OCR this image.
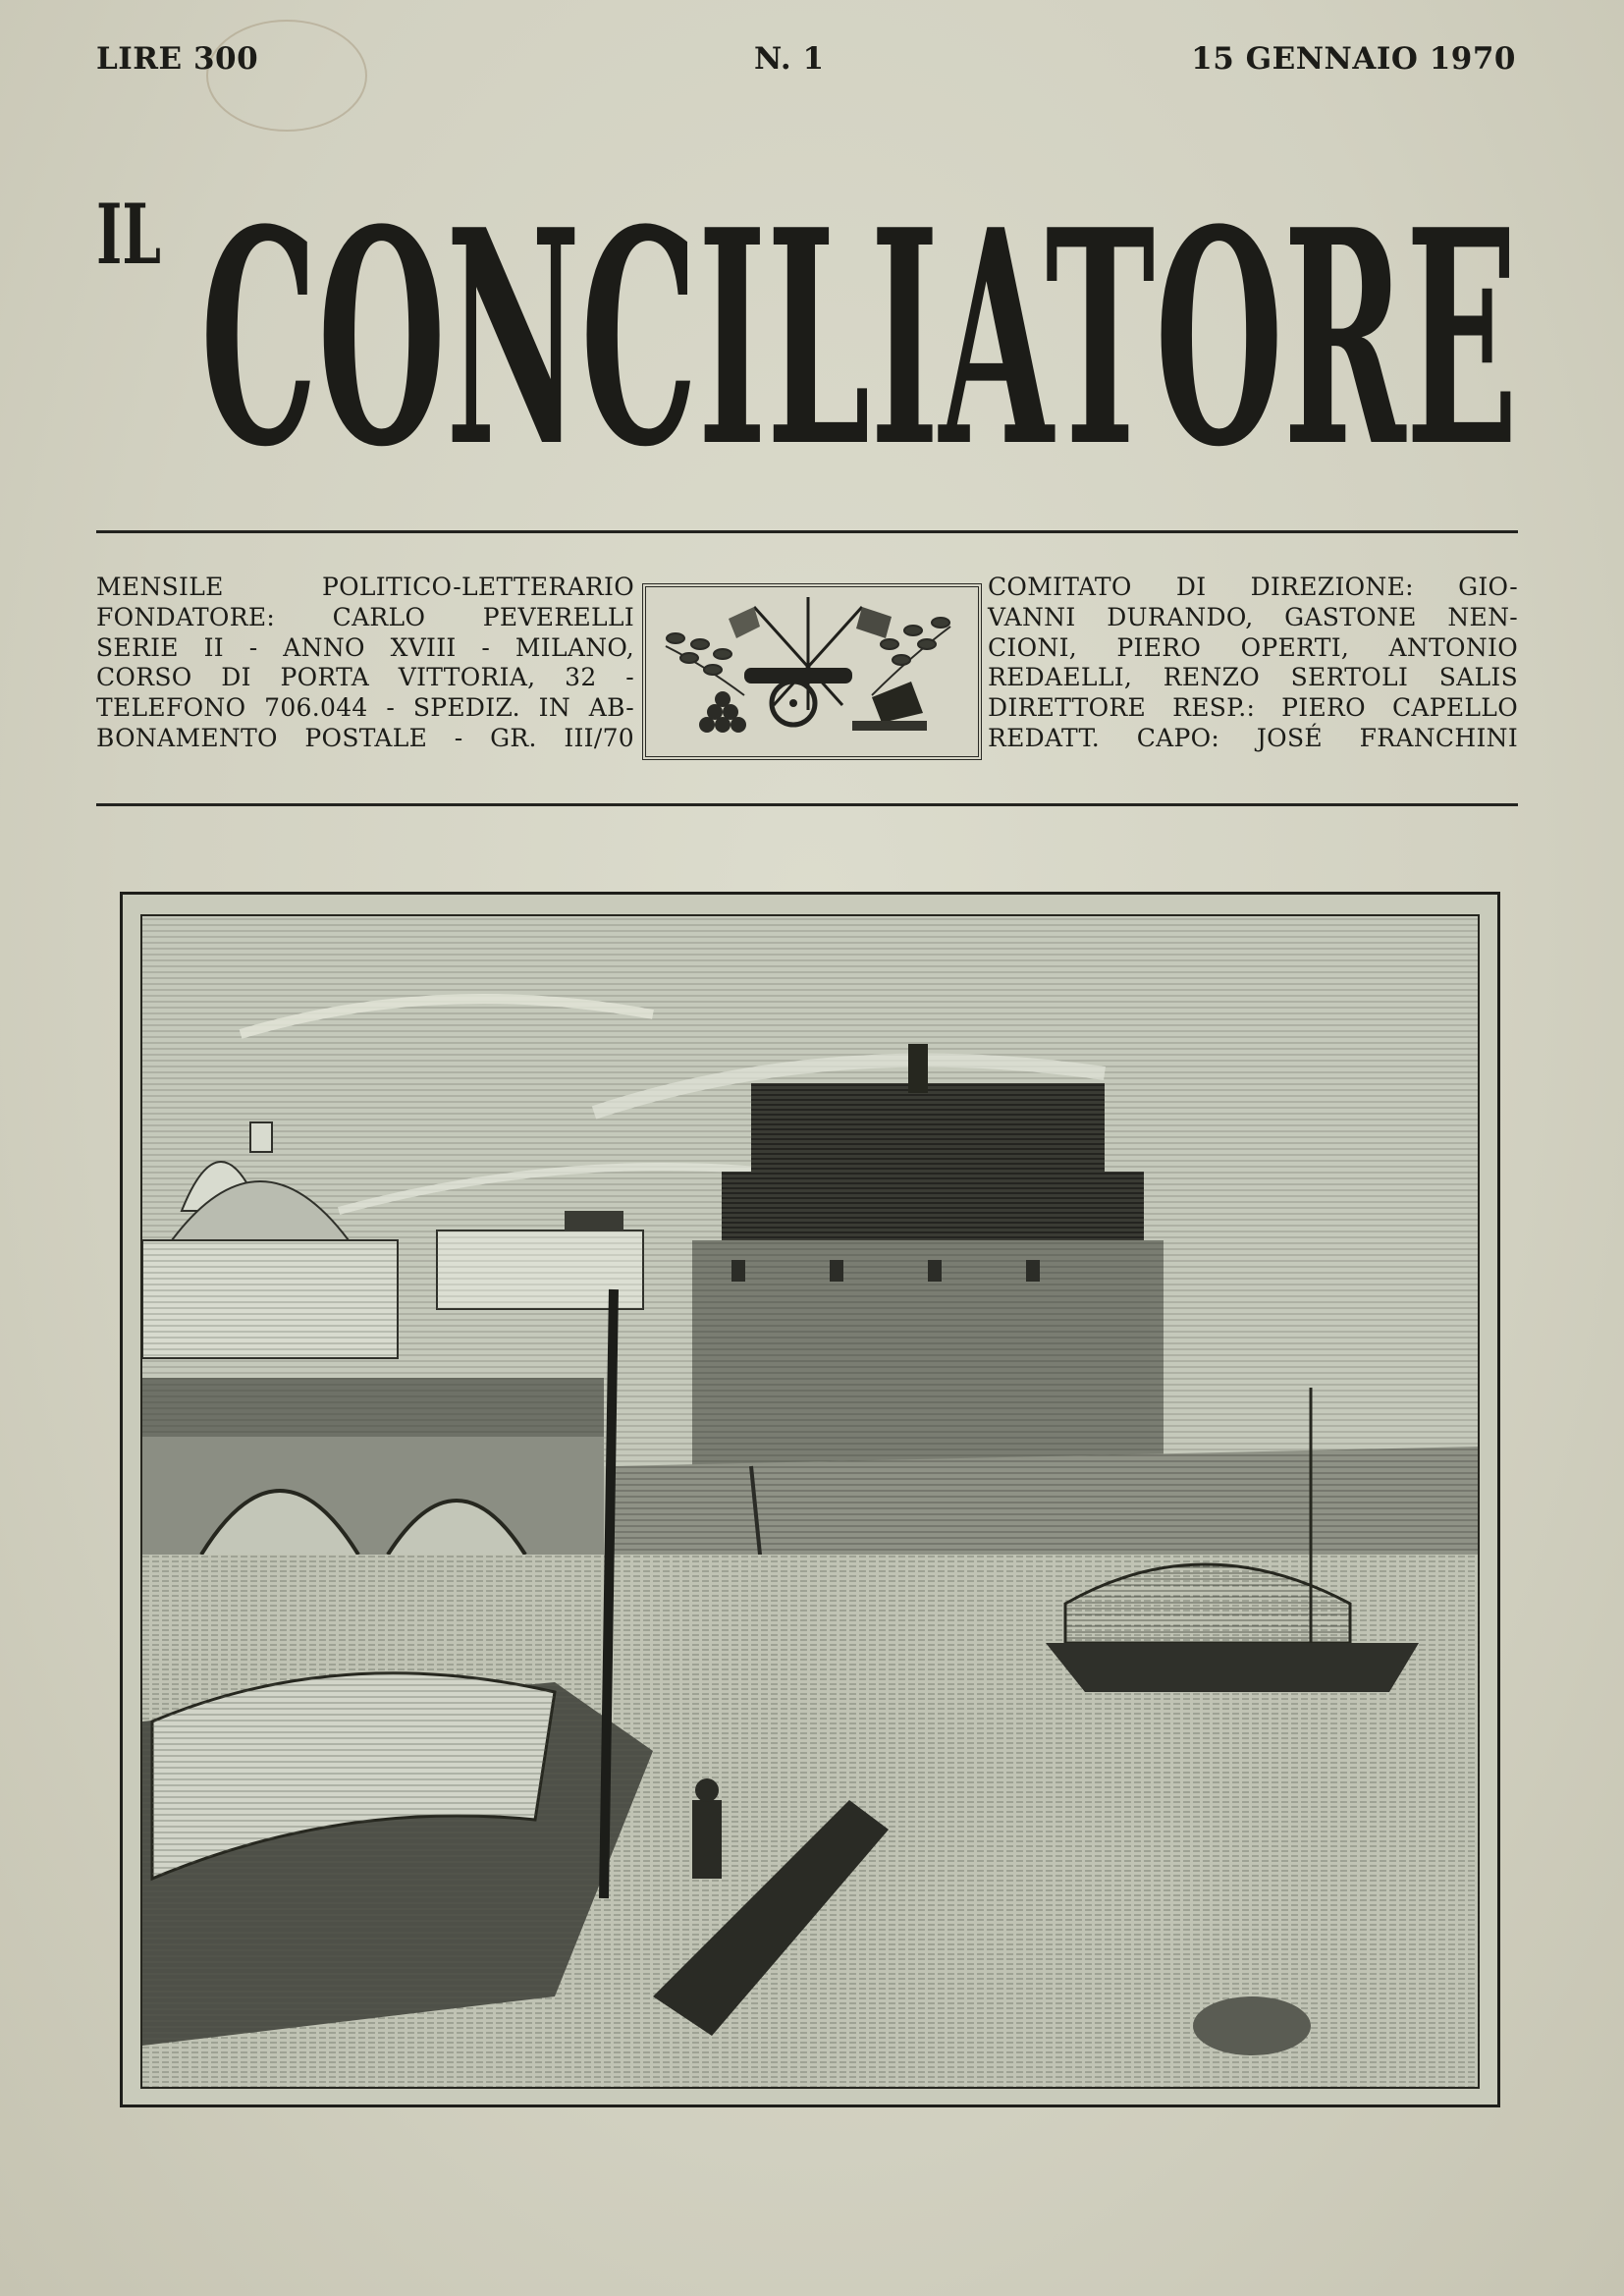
LIRE 300	N. 1	15 GENNAIO 1970
IL CONCILIATORE
MENSILE POLITICO-LETTERARIO
FONDATORE: CARLO PEVERELLI
SERIE II - ANNO XVIII - MILANO,
CORSO DI PORTA VITTORIA, 32 -
TELEFONO 706.044 - SPEDIZ. IN AB-
BONAMENTO POSTALE - GR. III/70
COMITATO DI DIREZIONE: GIO-
VANNI DURANDO, GASTONE NEN-
CIONI, PIERO OPERTI, ANTONIO
REDAELLI, RENZO SERTOLI SALIS
DIRETTORE RESP.: PIERO CAPELLO
REDATT. CAPO: JOSÉ FRANCHINI
